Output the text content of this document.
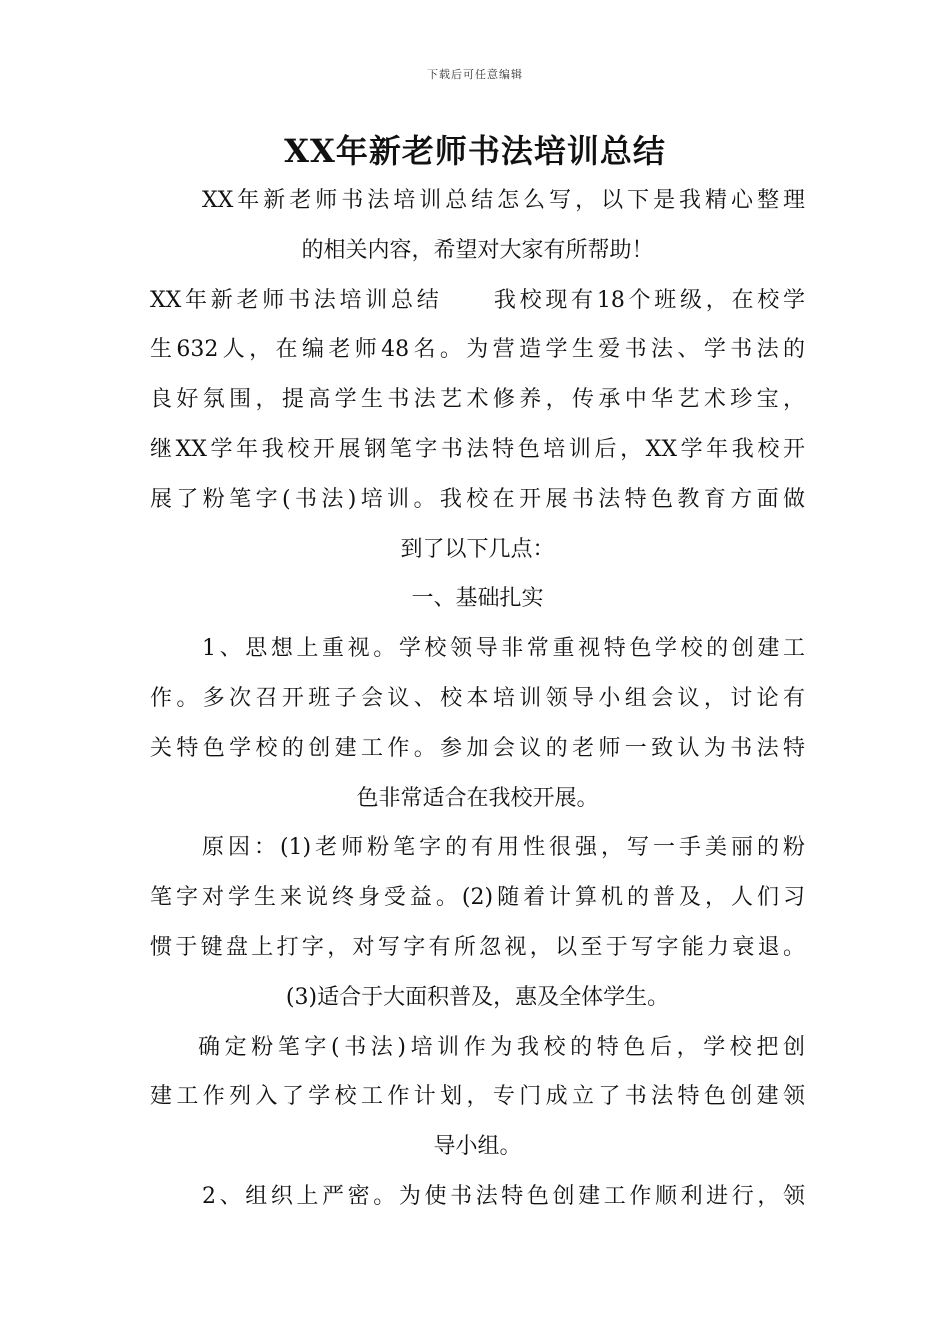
下载后可任意编辑
XX年新老师书法培训总结
XX年新老师书法培训总结怎么写，以下是我精心整理
的相关内容，希望对大家有所帮助！
XX年新老师书法培训总结　　我校现有18个班级，在校学
生632人，在编老师48名。为营造学生爱书法、学书法的
良好氛围，提高学生书法艺术修养，传承中华艺术珍宝，
继XX学年我校开展钢笔字书法特色培训后，XX学年我校开
展了粉笔字(书法)培训。我校在开展书法特色教育方面做
到了以下几点：
一、基础扎实
1、思想上重视。学校领导非常重视特色学校的创建工
作。多次召开班子会议、校本培训领导小组会议，讨论有
关特色学校的创建工作。参加会议的老师一致认为书法特
色非常适合在我校开展。
原因：(1)老师粉笔字的有用性很强，写一手美丽的粉
笔字对学生来说终身受益。(2)随着计算机的普及，人们习
惯于键盘上打字，对写字有所忽视，以至于写字能力衰退。
(3)适合于大面积普及，惠及全体学生。
确定粉笔字(书法)培训作为我校的特色后，学校把创
建工作列入了学校工作计划，专门成立了书法特色创建领
导小组。
2、组织上严密。为使书法特色创建工作顺利进行，领
